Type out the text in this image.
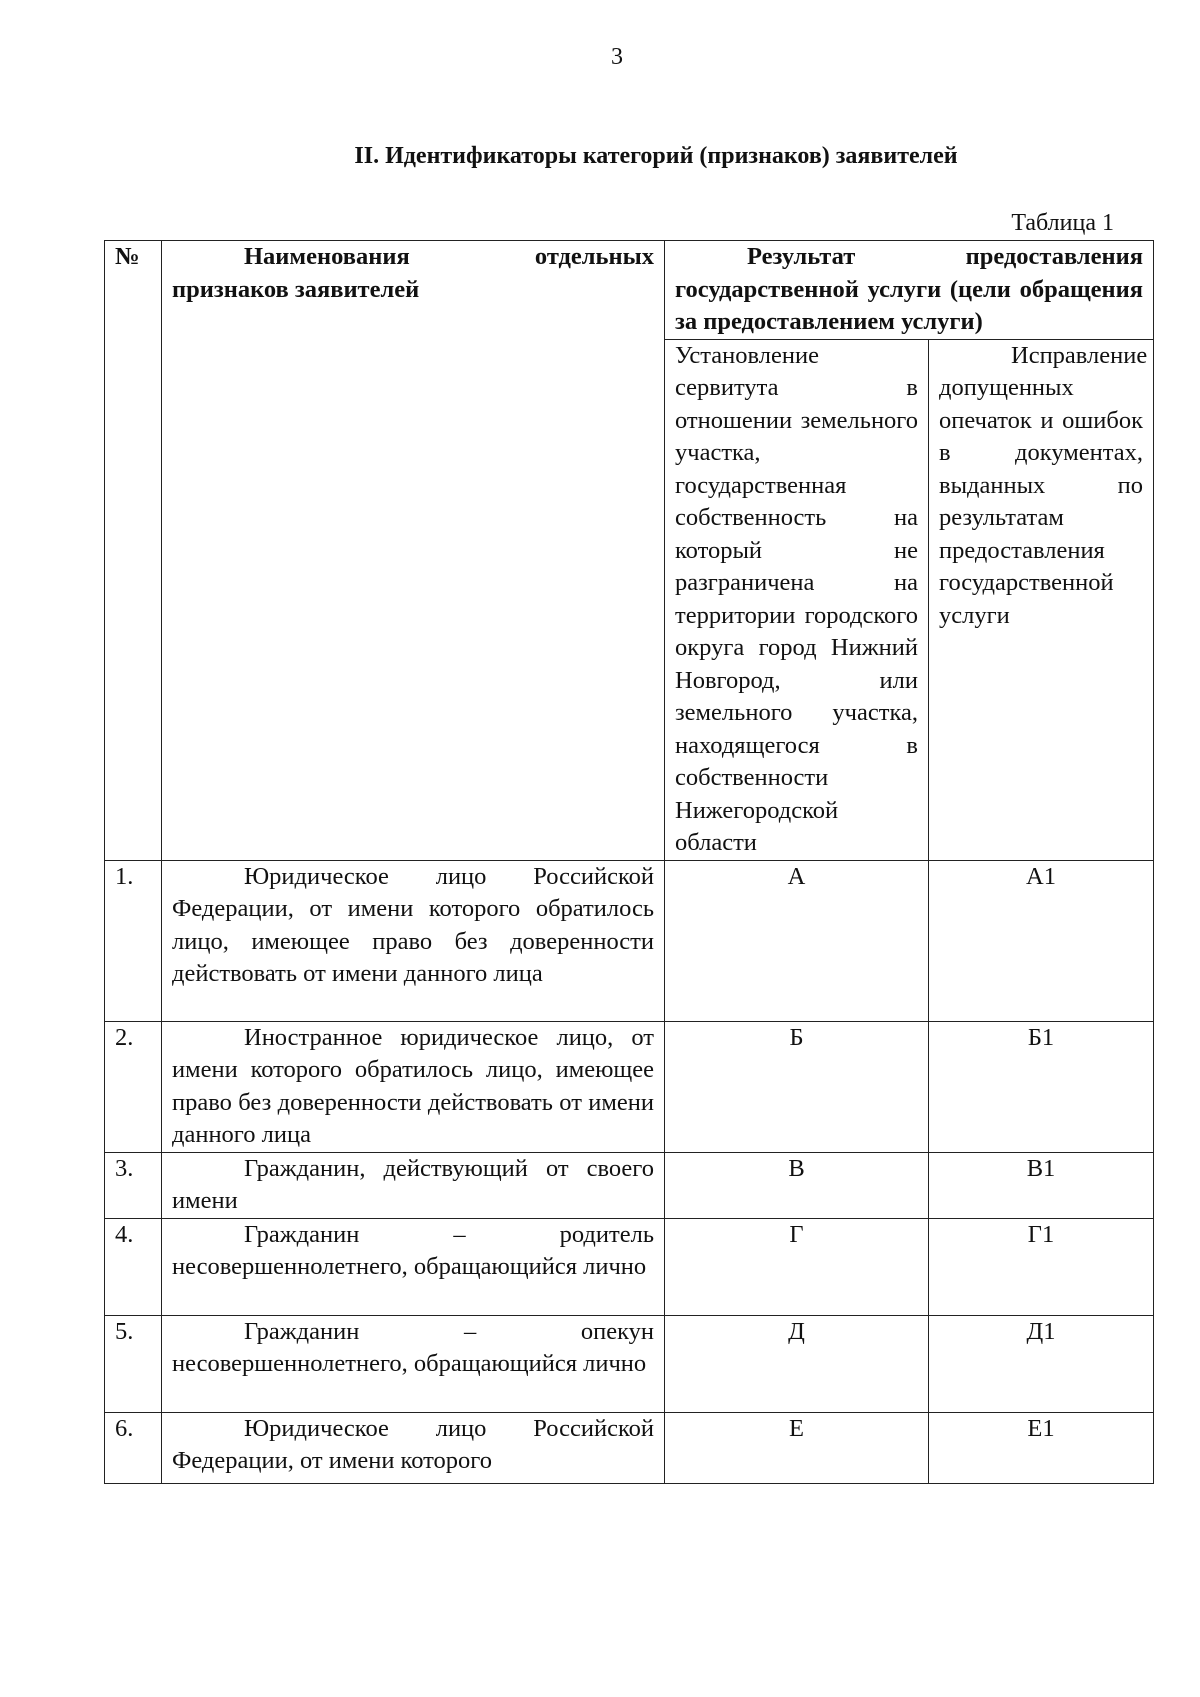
3
II. Идентификаторы категорий (признаков) заявителей
Таблица 1
№	Наименования отдельных признаков заявителей	Результат предоставления государственной услуги (цели обращения за предоставлением услуги)	
		Установление сервитута в отношении земельного участка, государственная собственность на который не разграничена на территории городского округа город Нижний Новгород, или земельного участка, находящегося в собственности Нижегородской области	Исправление допущенных опечаток и ошибок в документах, выданных по результатам предоставления государственной услуги
1.	Юридическое лицо Российской Федерации, от имени которого обратилось лицо, имеющее право без доверенности действовать от имени данного лица	А	А1
2.	Иностранное юридическое лицо, от имени которого обратилось лицо, имеющее право без доверенности действовать от имени данного лица	Б	Б1
3.	Гражданин, действующий от своего имени	В	В1
4.	Гражданин – родитель несовершеннолетнего, обращающийся лично	Г	Г1
5.	Гражданин – опекун несовершеннолетнего, обращающийся лично	Д	Д1
6.	Юридическое лицо Российской Федерации, от имени которого	Е	Е1
